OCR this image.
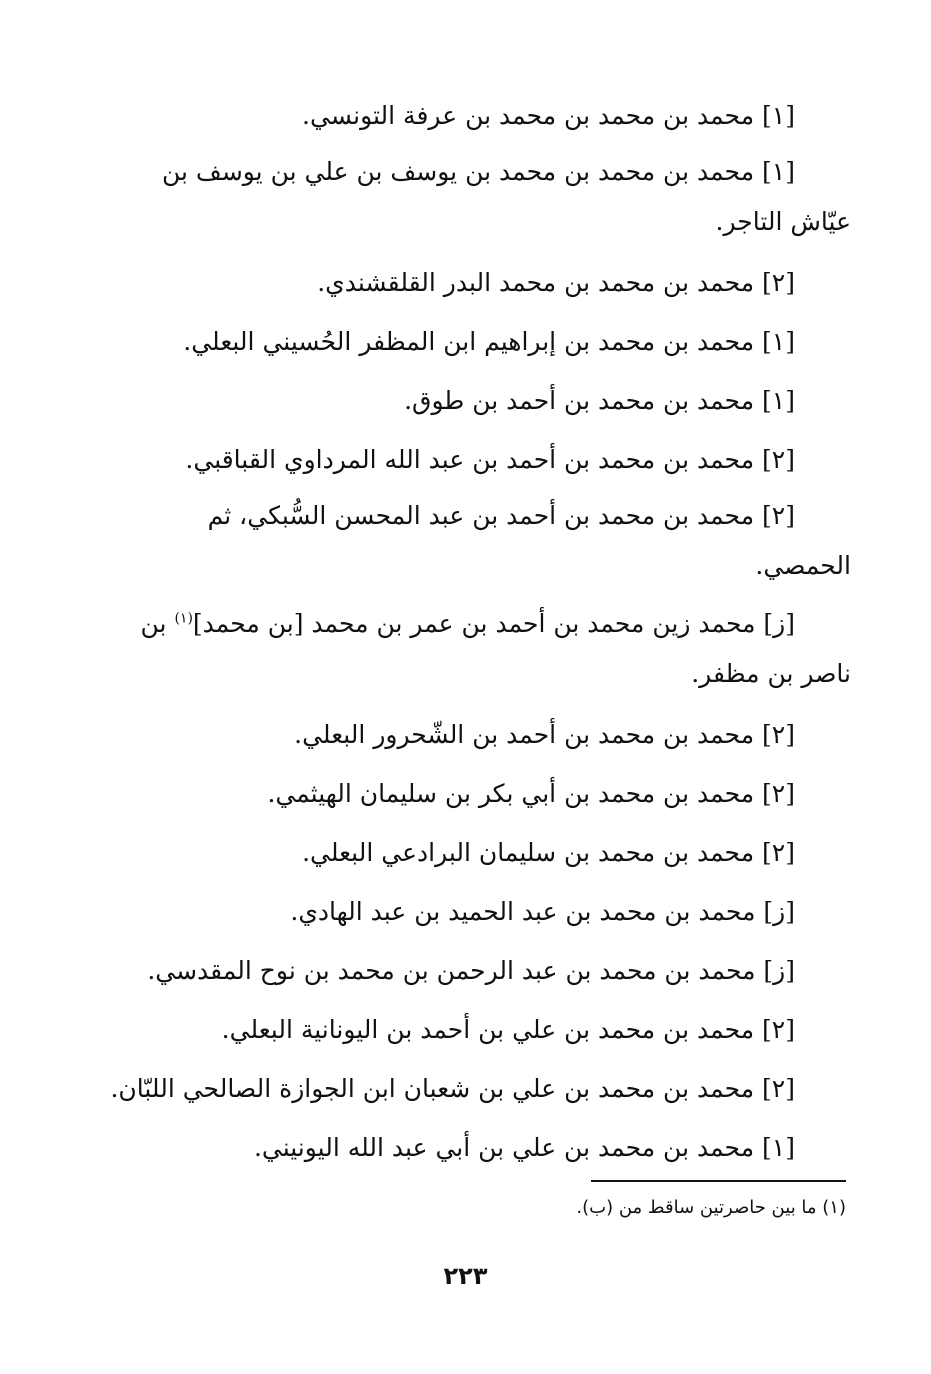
[١] محمد بن محمد بن محمد بن عرفة التونسي.

[١] محمد بن محمد بن محمد بن يوسف بن علي بن يوسف بن
عيّاش التاجر.

[٢] محمد بن محمد بن محمد البدر القلقشندي.

[١] محمد بن محمد بن إبراهيم ابن المظفر الحُسيني البعلي.

[١] محمد بن محمد بن أحمد بن طوق.

[٢] محمد بن محمد بن أحمد بن عبد الله المرداوي القباقبي.

[٢] محمد بن محمد بن أحمد بن عبد المحسن السُّبكي، ثم
الحمصي.

[ز] محمد زين محمد بن أحمد بن عمر بن محمد [بن محمد]$^{(١)}$ بن
ناصر بن مظفر.

[٢] محمد بن محمد بن أحمد بن الشّحرور البعلي.

[٢] محمد بن محمد بن أبي بكر بن سليمان الهيثمي.

[٢] محمد بن محمد بن سليمان البرادعي البعلي.

[ز] محمد بن محمد بن عبد الحميد بن عبد الهادي.

[ز] محمد بن محمد بن عبد الرحمن بن محمد بن نوح المقدسي.

[٢] محمد بن محمد بن علي بن أحمد بن اليونانية البعلي.

[٢] محمد بن محمد بن علي بن شعبان ابن الجوازة الصالحي اللبّان.

[١] محمد بن محمد بن علي بن أبي عبد الله اليونيني.

(١) ما بين حاصرتين ساقط من (ب).
٢٢٣
